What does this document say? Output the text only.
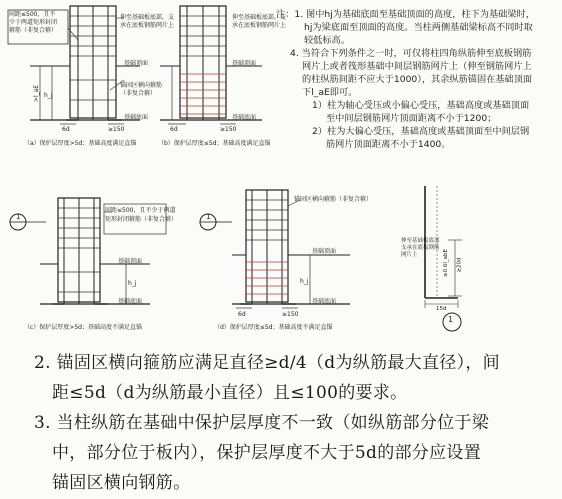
间距≤500，且不
少于两道矩形封闭
箍筋（非复合箍）
伸至基础板底部，支
承在底板钢筋网片上
锚固区横向箍筋
（非复合箍）
基础顶面
基础底面
>l_aE h_j
6d	≥150
（a）保护层厚度>5d；基础高度满足直锚
伸至基础板底部，支
承在底板钢筋网片上
基础顶面
基础底面
6d	≥150
（b）保护层厚度≤5d；基础高度满足直锚
1
间距≤500，且不少于两道
矩形封闭箍筋（非复合箍）
基础顶面
基础底面
h_j
（c）保护层厚度>5d；基础高度不满足直锚
1
锚固区横向箍筋（非复合箍）
基础顶面
基础底面
h_j
6d	≥150
（d）保护层厚度≤5d；基础高度不满足直锚
伸至基础板底部
支承在底板钢筋
网片上	≥0.6l_abE ≥20d
15d
1
注：1. 图中hj为基础底面至基础顶面的高度，柱下为基础梁时，
hj为梁底面至顶面的高度。当柱两侧基础梁标高不同时取
较低标高。
4. 当符合下列条件之一时，可仅将柱四角纵筋伸至底板钢筋
网片上或者筏形基础中间层钢筋网片上（伸至钢筋网片上
的柱纵筋间距不应大于1000），其余纵筋锚固在基础顶面
下l_aE即可。
1）柱为轴心受压或小偏心受压，基础高度或基础顶面
至中间层钢筋网片顶面距离不小于1200；
2）柱为大偏心受压，基础高度或基础顶面至中间层钢
筋网片顶面距离不小于1400。
2. 锚固区横向箍筋应满足直径≥d/4（d为纵筋最大直径），间
距≤5d（d为纵筋最小直径）且≤100的要求。
3. 当柱纵筋在基础中保护层厚度不一致（如纵筋部分位于梁
中，部分位于板内），保护层厚度不大于5d的部分应设置
锚固区横向钢筋。
